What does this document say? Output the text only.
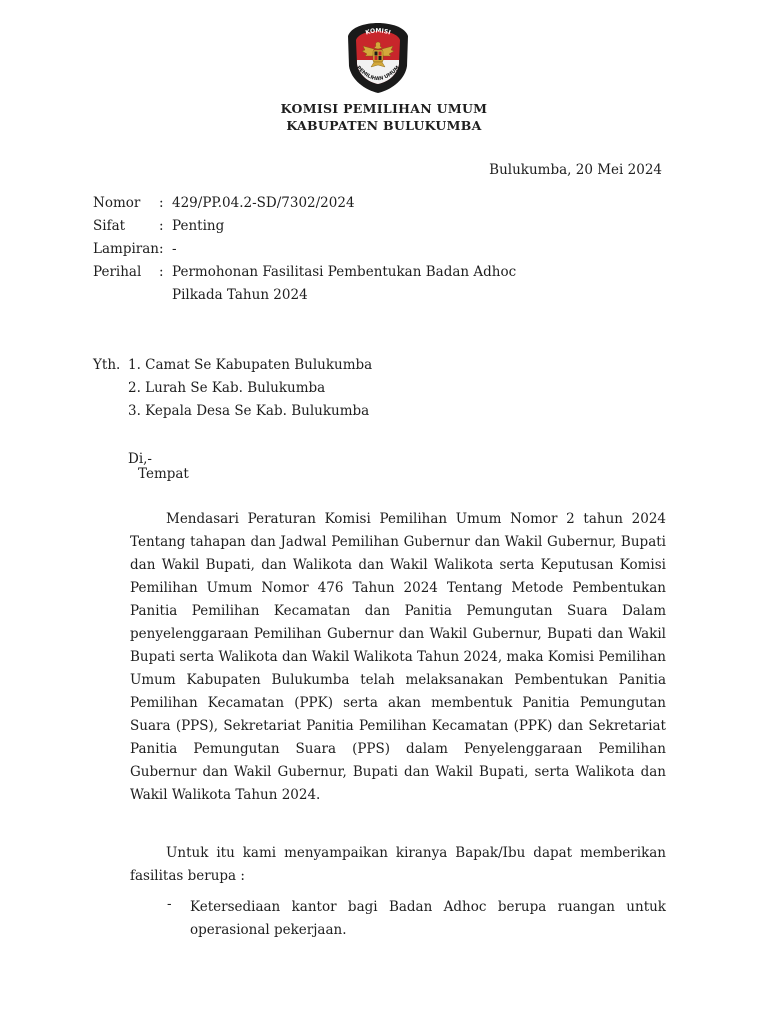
KOMISI
PEMILIHAN UMUM
KOMISI PEMILIHAN UMUM
KABUPATEN BULUKUMBA
Bulukumba, 20 Mei 2024
Nomor : 429/PP.04.2-SD/7302/2024
Sifat	: Penting
Lampiran: -
Perihal : Permohonan Fasilitasi Pembentukan Badan Adhoc
Pilkada Tahun 2024
Yth. 1. Camat Se Kabupaten Bulukumba
2. Lurah Se Kab. Bulukumba
3. Kepala Desa Se Kab. Bulukumba
Di,-
Tempat
Mendasari Peraturan Komisi Pemilihan Umum Nomor 2 tahun 2024 Tentang tahapan dan Jadwal Pemilihan Gubernur dan Wakil Gubernur, Bupati dan Wakil Bupati, dan Walikota dan Wakil Walikota serta Keputusan Komisi Pemilihan Umum Nomor 476 Tahun 2024 Tentang Metode Pembentukan Panitia Pemilihan Kecamatan dan Panitia Pemungutan Suara Dalam penyelenggaraan Pemilihan Gubernur dan Wakil Gubernur, Bupati dan Wakil Bupati serta Walikota dan Wakil Walikota Tahun 2024, maka Komisi Pemilihan Umum Kabupaten Bulukumba telah melaksanakan Pembentukan Panitia Pemilihan Kecamatan (PPK) serta akan membentuk Panitia Pemungutan Suara (PPS), Sekretariat Panitia Pemilihan Kecamatan (PPK) dan Sekretariat Panitia Pemungutan Suara (PPS) dalam Penyelenggaraan Pemilihan Gubernur dan Wakil Gubernur, Bupati dan Wakil Bupati, serta Walikota dan Wakil Walikota Tahun 2024.
Untuk itu kami menyampaikan kiranya Bapak/Ibu dapat memberikan fasilitas berupa :
- Ketersediaan kantor bagi Badan Adhoc berupa ruangan untuk operasional pekerjaan.
